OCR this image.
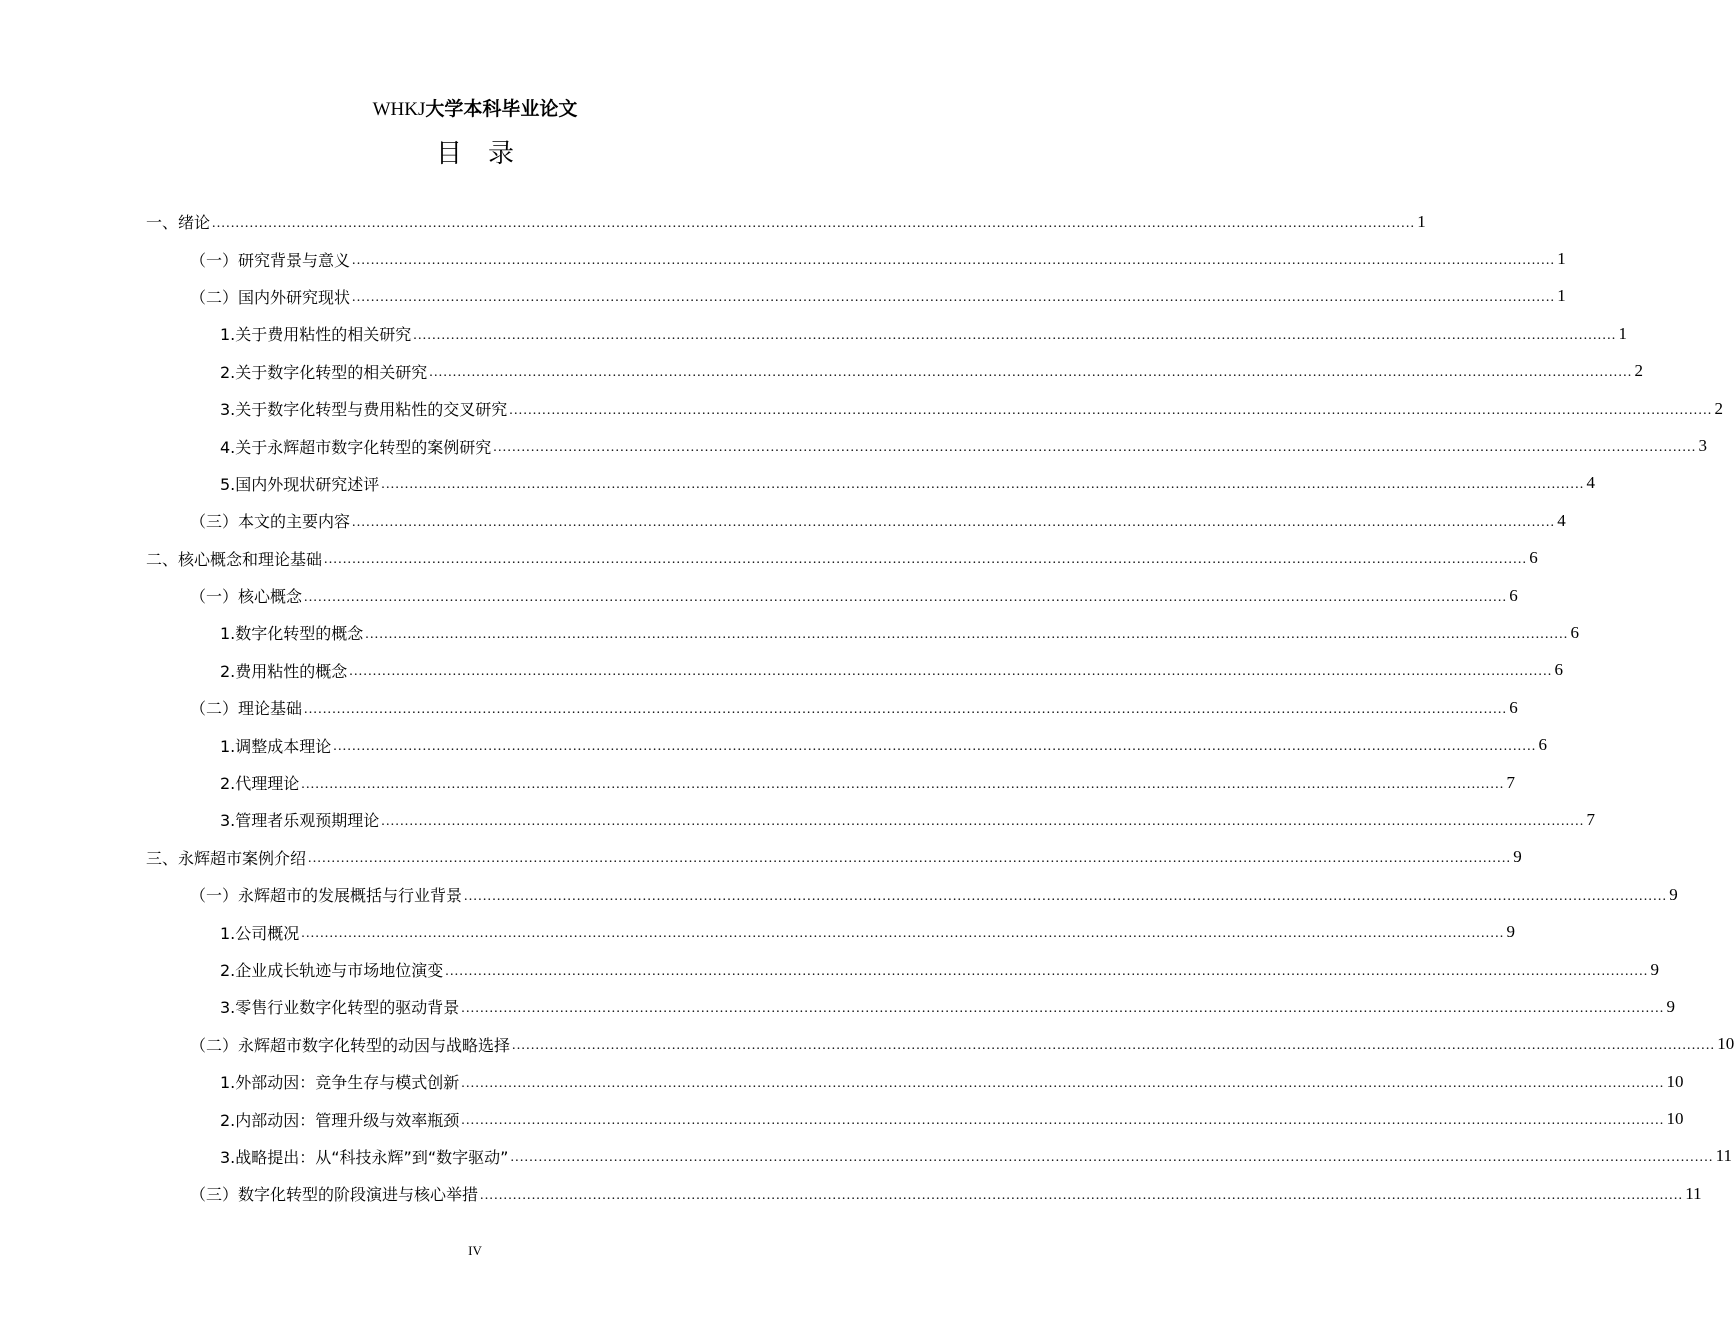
WHKJ大学本科毕业论文
目录
一、绪论 ................................................................................................................................................................................................................................................................ 1
（一）研究背景与意义 ................................................................................................................................................................................................................................................................ 1
（二）国内外研究现状 ................................................................................................................................................................................................................................................................ 1
1.关于费用粘性的相关研究 ................................................................................................................................................................................................................................................................ 1
2.关于数字化转型的相关研究 ................................................................................................................................................................................................................................................................ 2
3.关于数字化转型与费用粘性的交叉研究 ................................................................................................................................................................................................................................................................ 2
4.关于永辉超市数字化转型的案例研究 ................................................................................................................................................................................................................................................................ 3
5.国内外现状研究述评 ................................................................................................................................................................................................................................................................ 4
（三）本文的主要内容 ................................................................................................................................................................................................................................................................ 4
二、核心概念和理论基础 ................................................................................................................................................................................................................................................................ 6
（一）核心概念 ................................................................................................................................................................................................................................................................ 6
1.数字化转型的概念 ................................................................................................................................................................................................................................................................ 6
2.费用粘性的概念 ................................................................................................................................................................................................................................................................ 6
（二）理论基础 ................................................................................................................................................................................................................................................................ 6
1.调整成本理论 ................................................................................................................................................................................................................................................................ 6
2.代理理论 ................................................................................................................................................................................................................................................................ 7
3.管理者乐观预期理论 ................................................................................................................................................................................................................................................................ 7
三、永辉超市案例介绍 ................................................................................................................................................................................................................................................................ 9
（一）永辉超市的发展概括与行业背景 ................................................................................................................................................................................................................................................................ 9
1.公司概况 ................................................................................................................................................................................................................................................................ 9
2.企业成长轨迹与市场地位演变 ................................................................................................................................................................................................................................................................ 9
3.零售行业数字化转型的驱动背景 ................................................................................................................................................................................................................................................................ 9
（二）永辉超市数字化转型的动因与战略选择 ................................................................................................................................................................................................................................................................ 10
1.外部动因：竞争生存与模式创新 ................................................................................................................................................................................................................................................................ 10
2.内部动因：管理升级与效率瓶颈 ................................................................................................................................................................................................................................................................ 10
3.战略提出：从“科技永辉”到“数字驱动” ................................................................................................................................................................................................................................................................ 11
（三）数字化转型的阶段演进与核心举措 ................................................................................................................................................................................................................................................................ 11
IV
